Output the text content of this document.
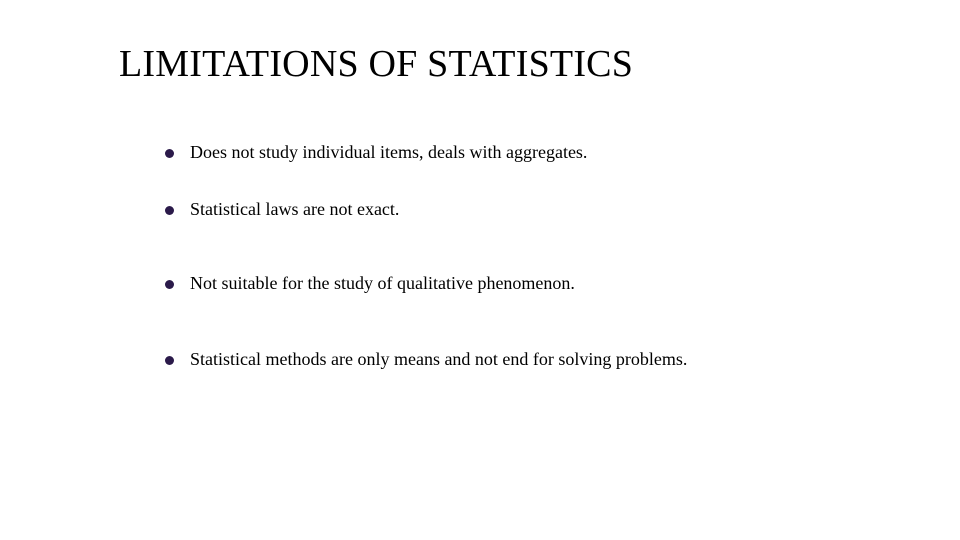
LIMITATIONS OF STATISTICS
Does not study individual items, deals with aggregates.
Statistical laws are not exact.
Not suitable for the study of qualitative phenomenon.
Statistical methods are only means and not end for solving problems.
